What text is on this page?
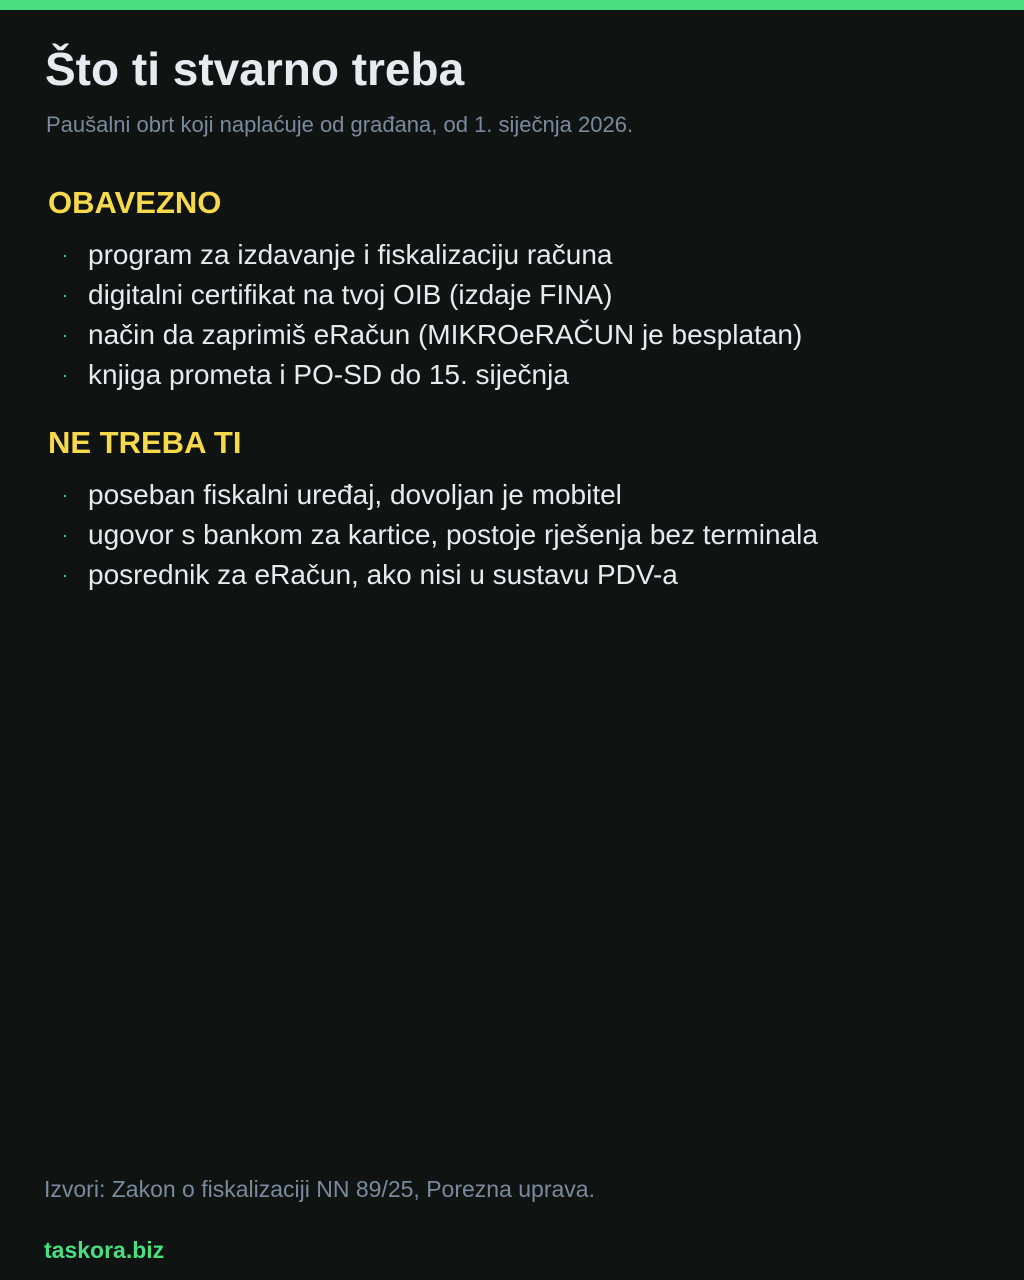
Što ti stvarno treba

Paušalni obrt koji naplaćuje od građana, od 1. siječnja 2026.

OBAVEZNO
· program za izdavanje i fiskalizaciju računa
· digitalni certifikat na tvoj OIB (izdaje FINA)
· način da zaprimiš eRačun (MIKROeRAČUN je besplatan)
· knjiga prometa i PO-SD do 15. siječnja
NE TREBA TI
· poseban fiskalni uređaj, dovoljan je mobitel
· ugovor s bankom za kartice, postoje rješenja bez terminala
· posrednik za eRačun, ako nisi u sustavu PDV-a

Izvori: Zakon o fiskalizaciji NN 89/25, Porezna uprava.

taskora.biz
